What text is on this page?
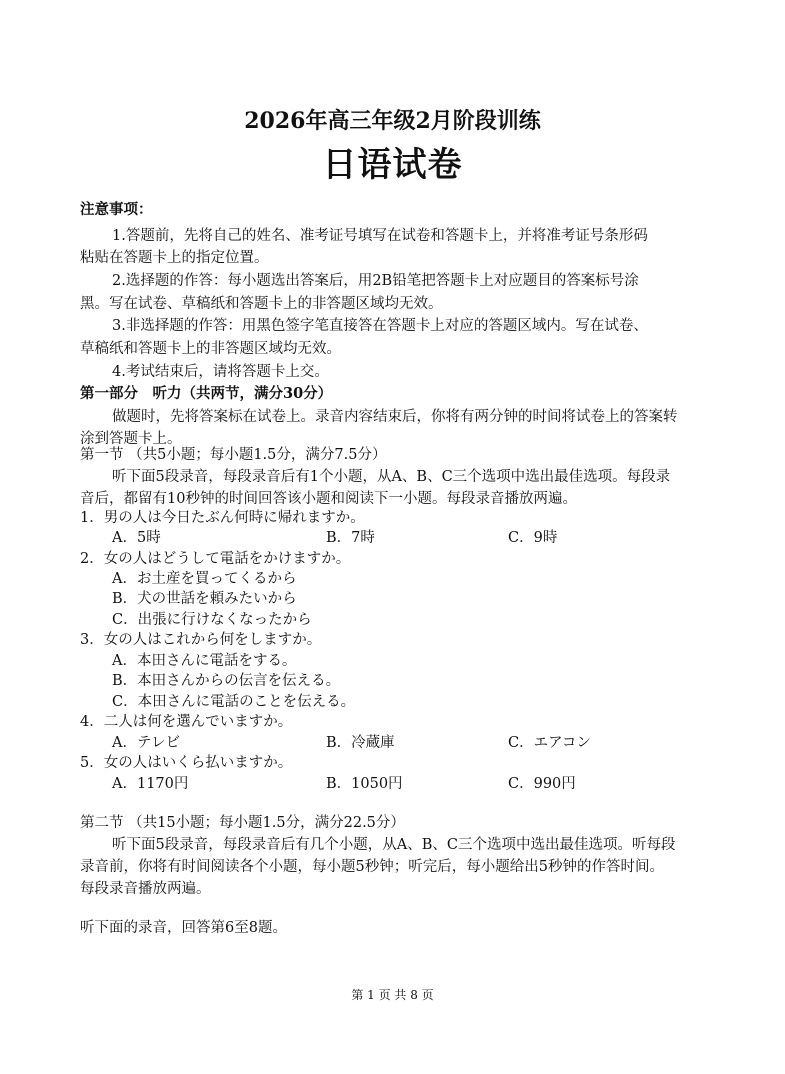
2026年高三年级2月阶段训练
日语试卷
注意事项：
1.答题前，先将自己的姓名、准考证号填写在试卷和答题卡上，并将准考证号条形码
粘贴在答题卡上的指定位置。
2.选择题的作答：每小题选出答案后，用2B铅笔把答题卡上对应题目的答案标号涂
黑。写在试卷、草稿纸和答题卡上的非答题区域均无效。
3.非选择题的作答：用黑色签字笔直接答在答题卡上对应的答题区域内。写在试卷、
草稿纸和答题卡上的非答题区域均无效。
4.考试结束后，请将答题卡上交。
第一部分　听力（共两节，满分30分）
做题时，先将答案标在试卷上。录音内容结束后，你将有两分钟的时间将试卷上的答案转
涂到答题卡上。
第一节 （共5小题；每小题1.5分，满分7.5分）
听下面5段录音，每段录音后有1个小题，从A、B、C三个选项中选出最佳选项。每段录
音后，都留有10秒钟的时间回答该小题和阅读下一小题。每段录音播放两遍。
1．男の人は今日たぶん何時に帰れますか。
A．5時	B．7時	C．9時
2．女の人はどうして電話をかけますか。
A．お土産を買ってくるから
B．犬の世話を頼みたいから
C．出張に行けなくなったから
3．女の人はこれから何をしますか。
A．本田さんに電話をする。
B．本田さんからの伝言を伝える。
C．本田さんに電話のことを伝える。
4．二人は何を選んでいますか。
A．テレビ	B．冷蔵庫	C．エアコン
5．女の人はいくら払いますか。
A．1170円	B．1050円	C．990円
第二节 （共15小题；每小题1.5分，满分22.5分）
听下面5段录音，每段录音后有几个小题，从A、B、C三个选项中选出最佳选项。听每段
录音前，你将有时间阅读各个小题，每小题5秒钟；听完后，每小题给出5秒钟的作答时间。
每段录音播放两遍。
听下面的录音，回答第6至8题。
第 1 页 共 8 页
